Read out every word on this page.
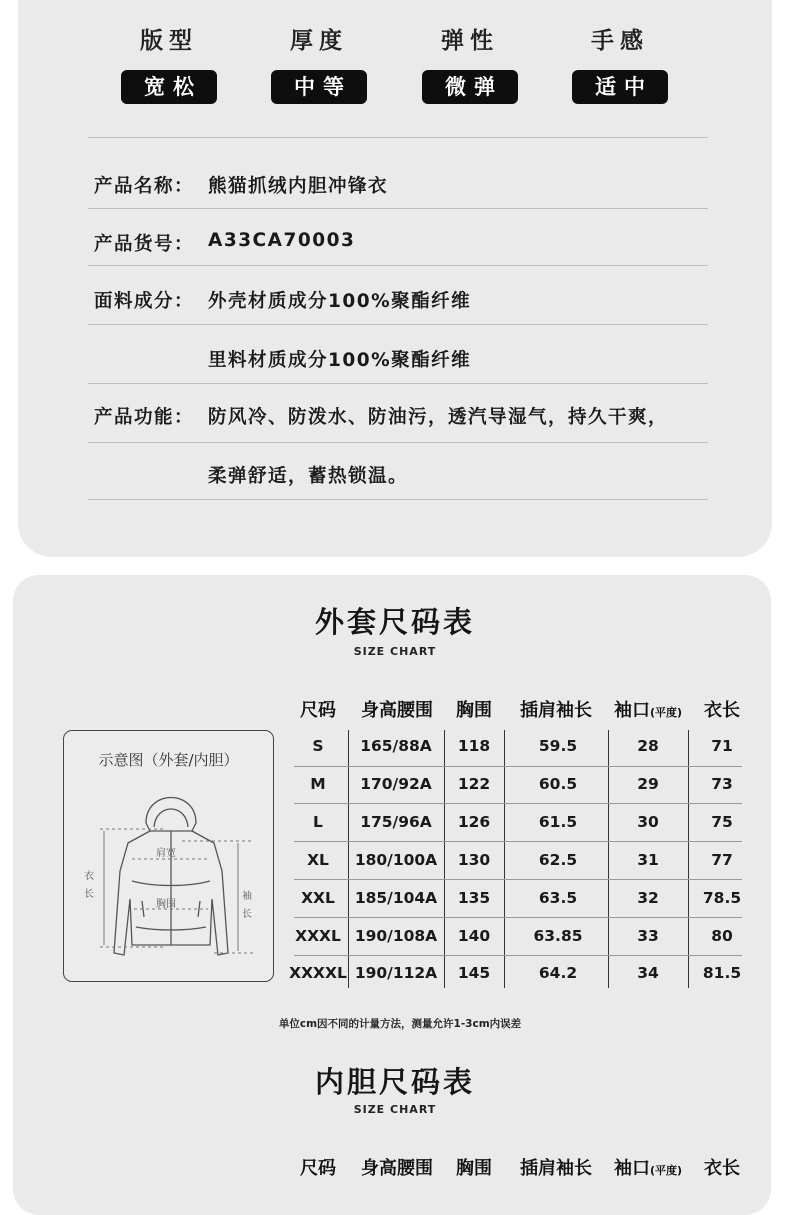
版型	厚度	弹性	手感
宽松	中等	微弹	适中
产品名称： 熊猫抓绒内胆冲锋衣
产品货号： A33CA70003
面料成分： 外壳材质成分100%聚酯纤维
里料材质成分100%聚酯纤维
产品功能： 防风冷、防泼水、防油污，透汽导湿气，持久干爽，
柔弹舒适，蓄热锁温。
外套尺码表
SIZE CHART
尺码	身高腰围	胸围	插肩袖长	袖口(平度)	衣长
S	165/88A	118	59.5	28	71
M	170/92A	122	60.5	29	73
L	175/96A	126	61.5	30	75
XL	180/100A	130	62.5	31	77
XXL	185/104A	135	63.5	32	78.5
XXXL 190/108A	140	63.85	33	80
XXXXL 190/112A	145	64.2	34	81.5
示意图（外套/内胆）
肩宽
胸围
衣
长	袖
长
单位cm因不同的计量方法，测量允许1-3cm内误差
内胆尺码表
SIZE CHART
尺码	身高腰围	胸围	插肩袖长	袖口(平度)	衣长
